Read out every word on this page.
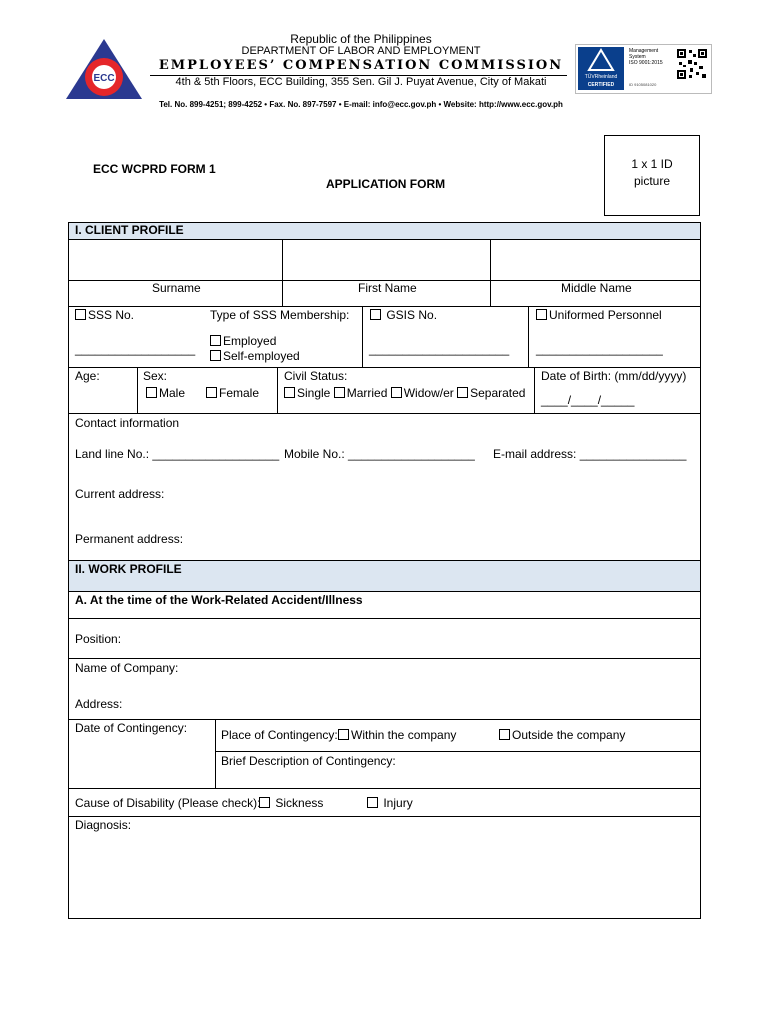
ECC
Republic of the Philippines
DEPARTMENT OF LABOR AND EMPLOYMENT
EMPLOYEES’ COMPENSATION COMMISSION
4th & 5th Floors, ECC Building, 355 Sen. Gil J. Puyat Avenue, City of Makati
Tel. No. 899-4251; 899-4252 • Fax. No. 897-7597 • E-mail: info@ecc.gov.ph • Website: http://www.ecc.gov.ph
TÜVRheinland
CERTIFIED
Management
System
ISO 9001:2015
ID 9105081020
ECC WCPRD FORM 1
APPLICATION FORM
1 x 1 ID
picture
I. CLIENT PROFILE
Surname	First Name	Middle Name
SSS No.
__________________
Type of SSS Membership:
Employed
Self-employed
GSIS No.
_____________________
Uniformed Personnel
___________________
Age:	Sex:
Male	Female
Civil Status:
Single Married Widow/er Separated
Date of Birth: (mm/dd/yyyy)
____/____/_____
Contact information
Land line No.: ___________________ Mobile No.: ___________________ E-mail address: ________________
Current address:
Permanent address:
II. WORK PROFILE
A. At the time of the Work-Related Accident/Illness
Position:
Name of Company:
Address:
Date of Contingency:	Place of Contingency:	Within the company	Outside the company
Brief Description of Contingency:
Cause of Disability (Please check):	Sickness	Injury
Diagnosis:
